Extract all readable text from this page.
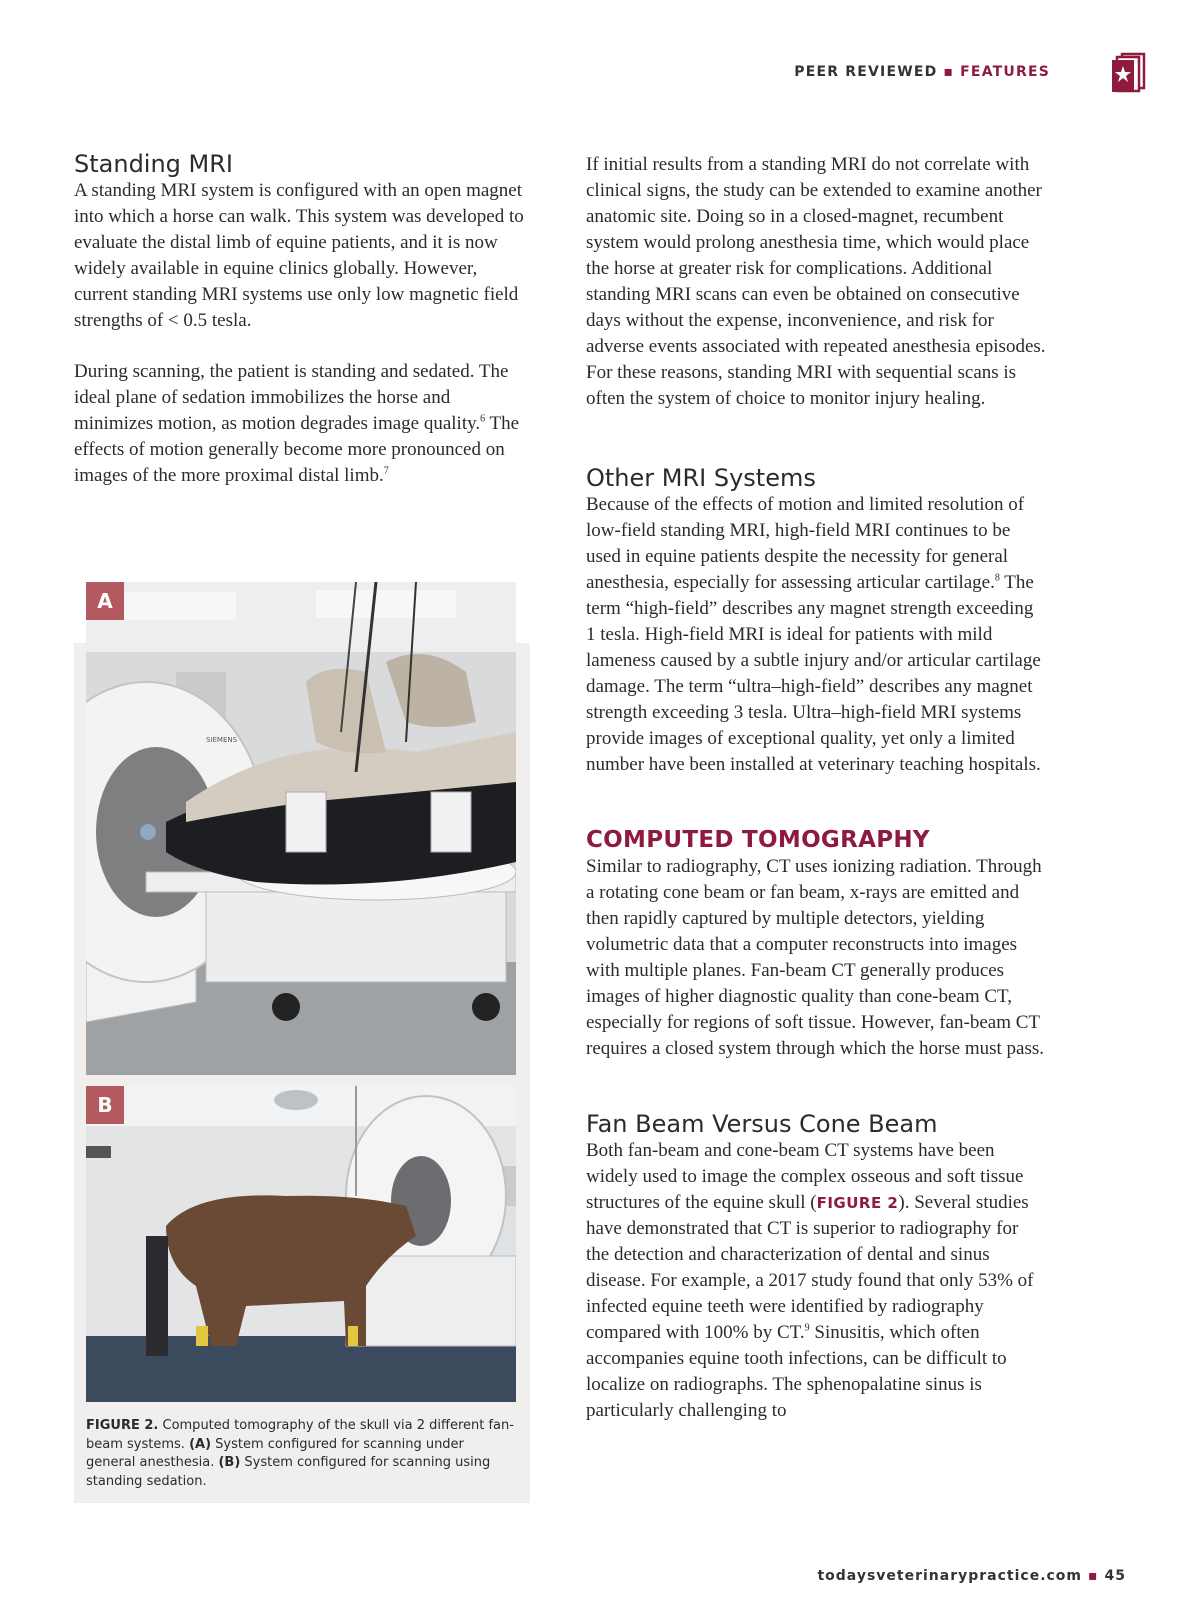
PEER REVIEWED ▪ FEATURES
Standing MRI

A standing MRI system is configured with an open magnet into which a horse can walk. This system was developed to evaluate the distal limb of equine patients, and it is now widely available in equine clinics globally. However, current standing MRI systems use only low magnetic field strengths of < 0.5 tesla.

During scanning, the patient is standing and sedated. The ideal plane of sedation immobilizes the horse and minimizes motion, as motion degrades image quality.$^6$ The effects of motion generally become more pronounced on images of the more proximal distal limb.$^7$

SIEMENS
A
B
FIGURE 2. Computed tomography of the skull via 2 different fan-beam systems. (A) System configured for scanning under general anesthesia. (B) System configured for scanning using standing sedation.

If initial results from a standing MRI do not correlate with clinical signs, the study can be extended to examine another anatomic site. Doing so in a closed-magnet, recumbent system would prolong anesthesia time, which would place the horse at greater risk for complications. Additional standing MRI scans can even be obtained on consecutive days without the expense, inconvenience, and risk for adverse events associated with repeated anesthesia episodes. For these reasons, standing MRI with sequential scans is often the system of choice to monitor injury healing.

Other MRI Systems

Because of the effects of motion and limited resolution of low-field standing MRI, high-field MRI continues to be used in equine patients despite the necessity for general anesthesia, especially for assessing articular cartilage.$^8$ The term “high-field” describes any magnet strength exceeding 1 tesla. High-field MRI is ideal for patients with mild lameness caused by a subtle injury and/or articular cartilage damage. The term “ultra–high-field” describes any magnet strength exceeding 3 tesla. Ultra–high-field MRI systems provide images of exceptional quality, yet only a limited number have been installed at veterinary teaching hospitals.

COMPUTED TOMOGRAPHY

Similar to radiography, CT uses ionizing radiation. Through a rotating cone beam or fan beam, x-rays are emitted and then rapidly captured by multiple detectors, yielding volumetric data that a computer reconstructs into images with multiple planes. Fan-beam CT generally produces images of higher diagnostic quality than cone-beam CT, especially for regions of soft tissue. However, fan-beam CT requires a closed system through which the horse must pass.

Fan Beam Versus Cone Beam

Both fan-beam and cone-beam CT systems have been widely used to image the complex osseous and soft tissue structures of the equine skull (FIGURE 2). Several studies have demonstrated that CT is superior to radiography for the detection and characterization of dental and sinus disease. For example, a 2017 study found that only 53% of infected equine teeth were identified by radiography compared with 100% by CT.$^9$ Sinusitis, which often accompanies equine tooth infections, can be difficult to localize on radiographs. The sphenopalatine sinus is particularly challenging to

todaysveterinarypractice.com ▪ 45
